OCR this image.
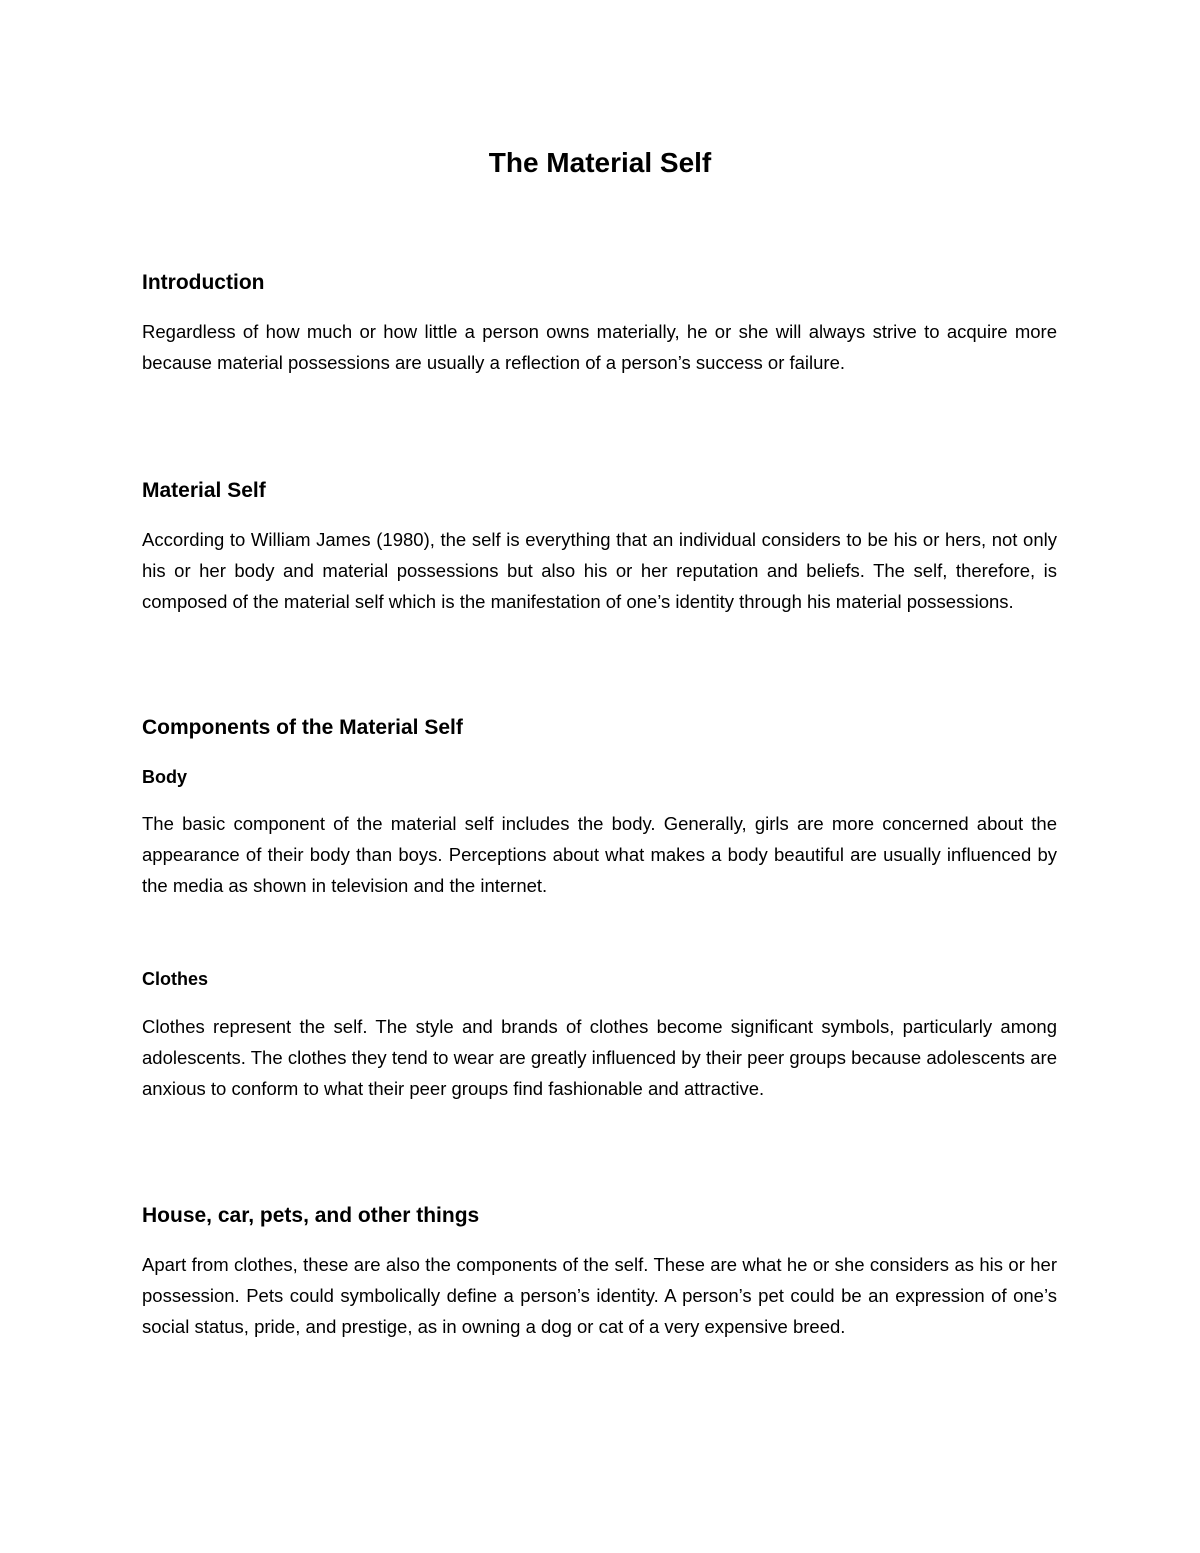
The Material Self
Introduction

Regardless of how much or how little a person owns materially, he or she will always strive to acquire more because material possessions are usually a reflection of a person’s success or failure.

Material Self

According to William James (1980), the self is everything that an individual considers to be his or hers, not only his or her body and material possessions but also his or her reputation and beliefs. The self, therefore, is composed of the material self which is the manifestation of one’s identity through his material possessions.

Components of the Material Self
Body

The basic component of the material self includes the body. Generally, girls are more concerned about the appearance of their body than boys. Perceptions about what makes a body beautiful are usually influenced by the media as shown in television and the internet.

Clothes

Clothes represent the self. The style and brands of clothes become significant symbols, particularly among adolescents. The clothes they tend to wear are greatly influenced by their peer groups because adolescents are anxious to conform to what their peer groups find fashionable and attractive.

House, car, pets, and other things

Apart from clothes, these are also the components of the self. These are what he or she considers as his or her possession. Pets could symbolically define a person’s identity. A person’s pet could be an expression of one’s social status, pride, and prestige, as in owning a dog or cat of a very expensive breed.
